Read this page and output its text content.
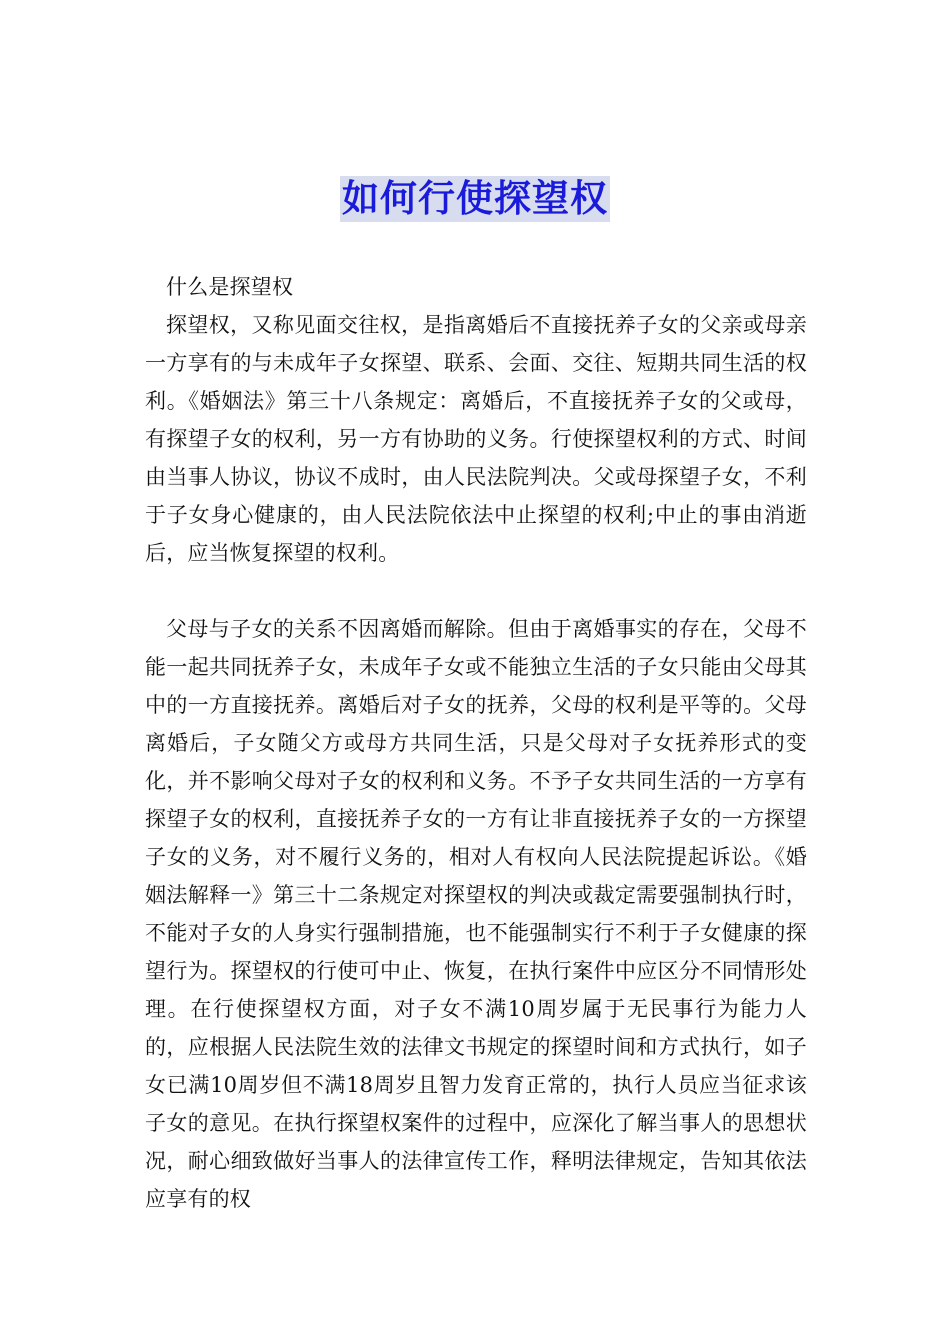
如何行使探望权

什么是探望权

探望权，又称见面交往权，是指离婚后不直接抚养子女的父亲或母亲一方享有的与未成年子女探望、联系、会面、交往、短期共同生活的权利。《婚姻法》第三十八条规定：离婚后，不直接抚养子女的父或母，有探望子女的权利，另一方有协助的义务。行使探望权利的方式、时间由当事人协议，协议不成时，由人民法院判决。父或母探望子女，不利于子女身心健康的，由人民法院依法中止探望的权利;中止的事由消逝后，应当恢复探望的权利。

父母与子女的关系不因离婚而解除。但由于离婚事实的存在，父母不能一起共同抚养子女，未成年子女或不能独立生活的子女只能由父母其中的一方直接抚养。离婚后对子女的抚养，父母的权利是平等的。父母离婚后，子女随父方或母方共同生活，只是父母对子女抚养形式的变化，并不影响父母对子女的权利和义务。不予子女共同生活的一方享有探望子女的权利，直接抚养子女的一方有让非直接抚养子女的一方探望子女的义务，对不履行义务的，相对人有权向人民法院提起诉讼。《婚姻法解释一》第三十二条规定对探望权的判决或裁定需要强制执行时，不能对子女的人身实行强制措施，也不能强制实行不利于子女健康的探望行为。探望权的行使可中止、恢复，在执行案件中应区分不同情形处理。在行使探望权方面，对子女不满10周岁属于无民事行为能力人的，应根据人民法院生效的法律文书规定的探望时间和方式执行，如子女已满10周岁但不满18周岁且智力发育正常的，执行人员应当征求该子女的意见。在执行探望权案件的过程中，应深化了解当事人的思想状况，耐心细致做好当事人的法律宣传工作，释明法律规定，告知其依法应享有的权
